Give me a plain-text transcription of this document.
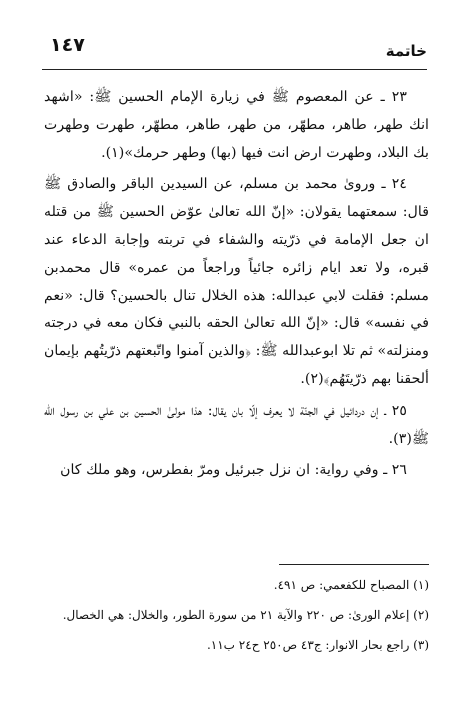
خاتمة
١٤٧

٢٣ ـ عن المعصوم ﷺ في زيارة الإمام الحسين ﷺ: «اشهد انك طهر، طاهر، مطهّر، من طهر، طاهر، مطهّر، طهرت وطهرت بك البلاد، وطهرت ارض انت فيها (بها) وطهر حرمك»(١).

٢٤ ـ وروىٰ محمد بن مسلم، عن السيدين الباقر والصادق ﷺ قال: سمعتهما يقولان: «إنّ الله تعالىٰ عوّض الحسين ﷺ من قتله ان جعل الإمامة في ذرّيته والشفاء في تربته وإجابة الدعاء عند قبره، ولا تعد ايام زائره جائياً وراجعاً من عمره» قال محمدبن مسلم: فقلت لابي عبدالله: هذه الخلال تنال بالحسين؟ قال: «نعم في نفسه» قال: «إنّ الله تعالىٰ الحقه بالنبي فكان معه في درجته ومنزلته» ثم تلا ابوعبدالله ﷺ: ﴿والذين آمنوا واتّبعتهم ذرّيتُهم بإيمان ألحقنا بهم ذرّيتَهُم﴾(٢).

٢٥ ـ إن دردائيل في الجنّة لا يعرف إلّا بان يقال: هذا مولىٰ الحسين بن علي بن رسول الله ﷺ(٣).

٢٦ ـ وفي رواية: ان نزل جبرئيل ومرّ بفطرس، وهو ملك كان

(١) المصباح للكفعمي: ص ٤٩١.
(٢) إعلام الورىٰ: ص ٢٢٠ والآية ٢١ من سورة الطور، والخلال: هي الخصال.
(٣) راجع بحار الانوار: ج٤٣ ص٢٥٠ ح٢٤ ب١١.
